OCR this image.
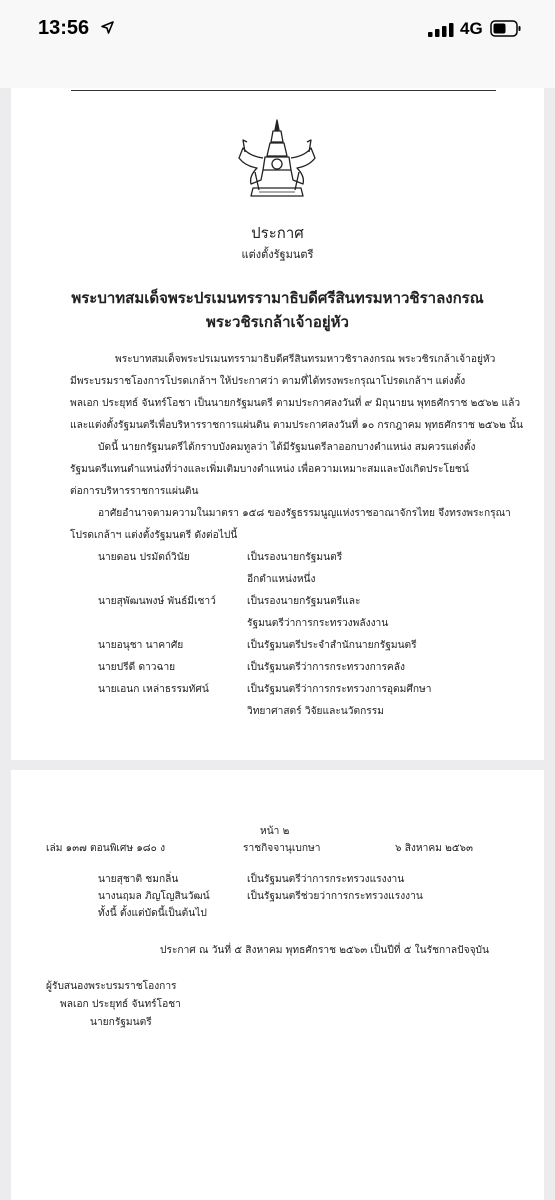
13:56	4G
ประกาศ
แต่งตั้งรัฐมนตรี
พระบาทสมเด็จพระปรเมนทรรามาธิบดีศรีสินทรมหาวชิราลงกรณ
พระวชิรเกล้าเจ้าอยู่หัว
พระบาทสมเด็จพระปรเมนทรรามาธิบดีศรีสินทรมหาวชิราลงกรณ พระวชิรเกล้าเจ้าอยู่หัว
มีพระบรมราชโองการโปรดเกล้าฯ ให้ประกาศว่า ตามที่ได้ทรงพระกรุณาโปรดเกล้าฯ แต่งตั้ง
พลเอก ประยุทธ์ จันทร์โอชา เป็นนายกรัฐมนตรี ตามประกาศลงวันที่ ๙ มิถุนายน พุทธศักราช ๒๕๖๒ แล้ว
และแต่งตั้งรัฐมนตรีเพื่อบริหารราชการแผ่นดิน ตามประกาศลงวันที่ ๑๐ กรกฎาคม พุทธศักราช ๒๕๖๒ นั้น
บัดนี้ นายกรัฐมนตรีได้กราบบังคมทูลว่า ได้มีรัฐมนตรีลาออกบางตำแหน่ง สมควรแต่งตั้ง
รัฐมนตรีแทนตำแหน่งที่ว่างและเพิ่มเติมบางตำแหน่ง เพื่อความเหมาะสมและบังเกิดประโยชน์
ต่อการบริหารราชการแผ่นดิน
อาศัยอำนาจตามความในมาตรา ๑๕๘ ของรัฐธรรมนูญแห่งราชอาณาจักรไทย จึงทรงพระกรุณา
โปรดเกล้าฯ แต่งตั้งรัฐมนตรี ดังต่อไปนี้
นายดอน ปรมัตถ์วินัย	เป็นรองนายกรัฐมนตรี
อีกตำแหน่งหนึ่ง
นายสุพัฒนพงษ์ พันธ์มีเชาว์	เป็นรองนายกรัฐมนตรีและ
รัฐมนตรีว่าการกระทรวงพลังงาน
นายอนุชา นาคาศัย	เป็นรัฐมนตรีประจำสำนักนายกรัฐมนตรี
นายปรีดี ดาวฉาย	เป็นรัฐมนตรีว่าการกระทรวงการคลัง
นายเอนก เหล่าธรรมทัศน์	เป็นรัฐมนตรีว่าการกระทรวงการอุดมศึกษา
วิทยาศาสตร์ วิจัยและนวัตกรรม
หน้า ๒
เล่ม ๑๓๗ ตอนพิเศษ ๑๘๐ ง	ราชกิจจานุเบกษา	๖ สิงหาคม ๒๕๖๓
นายสุชาติ ชมกลิ่น	เป็นรัฐมนตรีว่าการกระทรวงแรงงาน
นางนฤมล ภิญโญสินวัฒน์	เป็นรัฐมนตรีช่วยว่าการกระทรวงแรงงาน
ทั้งนี้ ตั้งแต่บัดนี้เป็นต้นไป
ประกาศ ณ วันที่ ๕ สิงหาคม พุทธศักราช ๒๕๖๓ เป็นปีที่ ๕ ในรัชกาลปัจจุบัน
ผู้รับสนองพระบรมราชโองการ
พลเอก ประยุทธ์ จันทร์โอชา
นายกรัฐมนตรี
